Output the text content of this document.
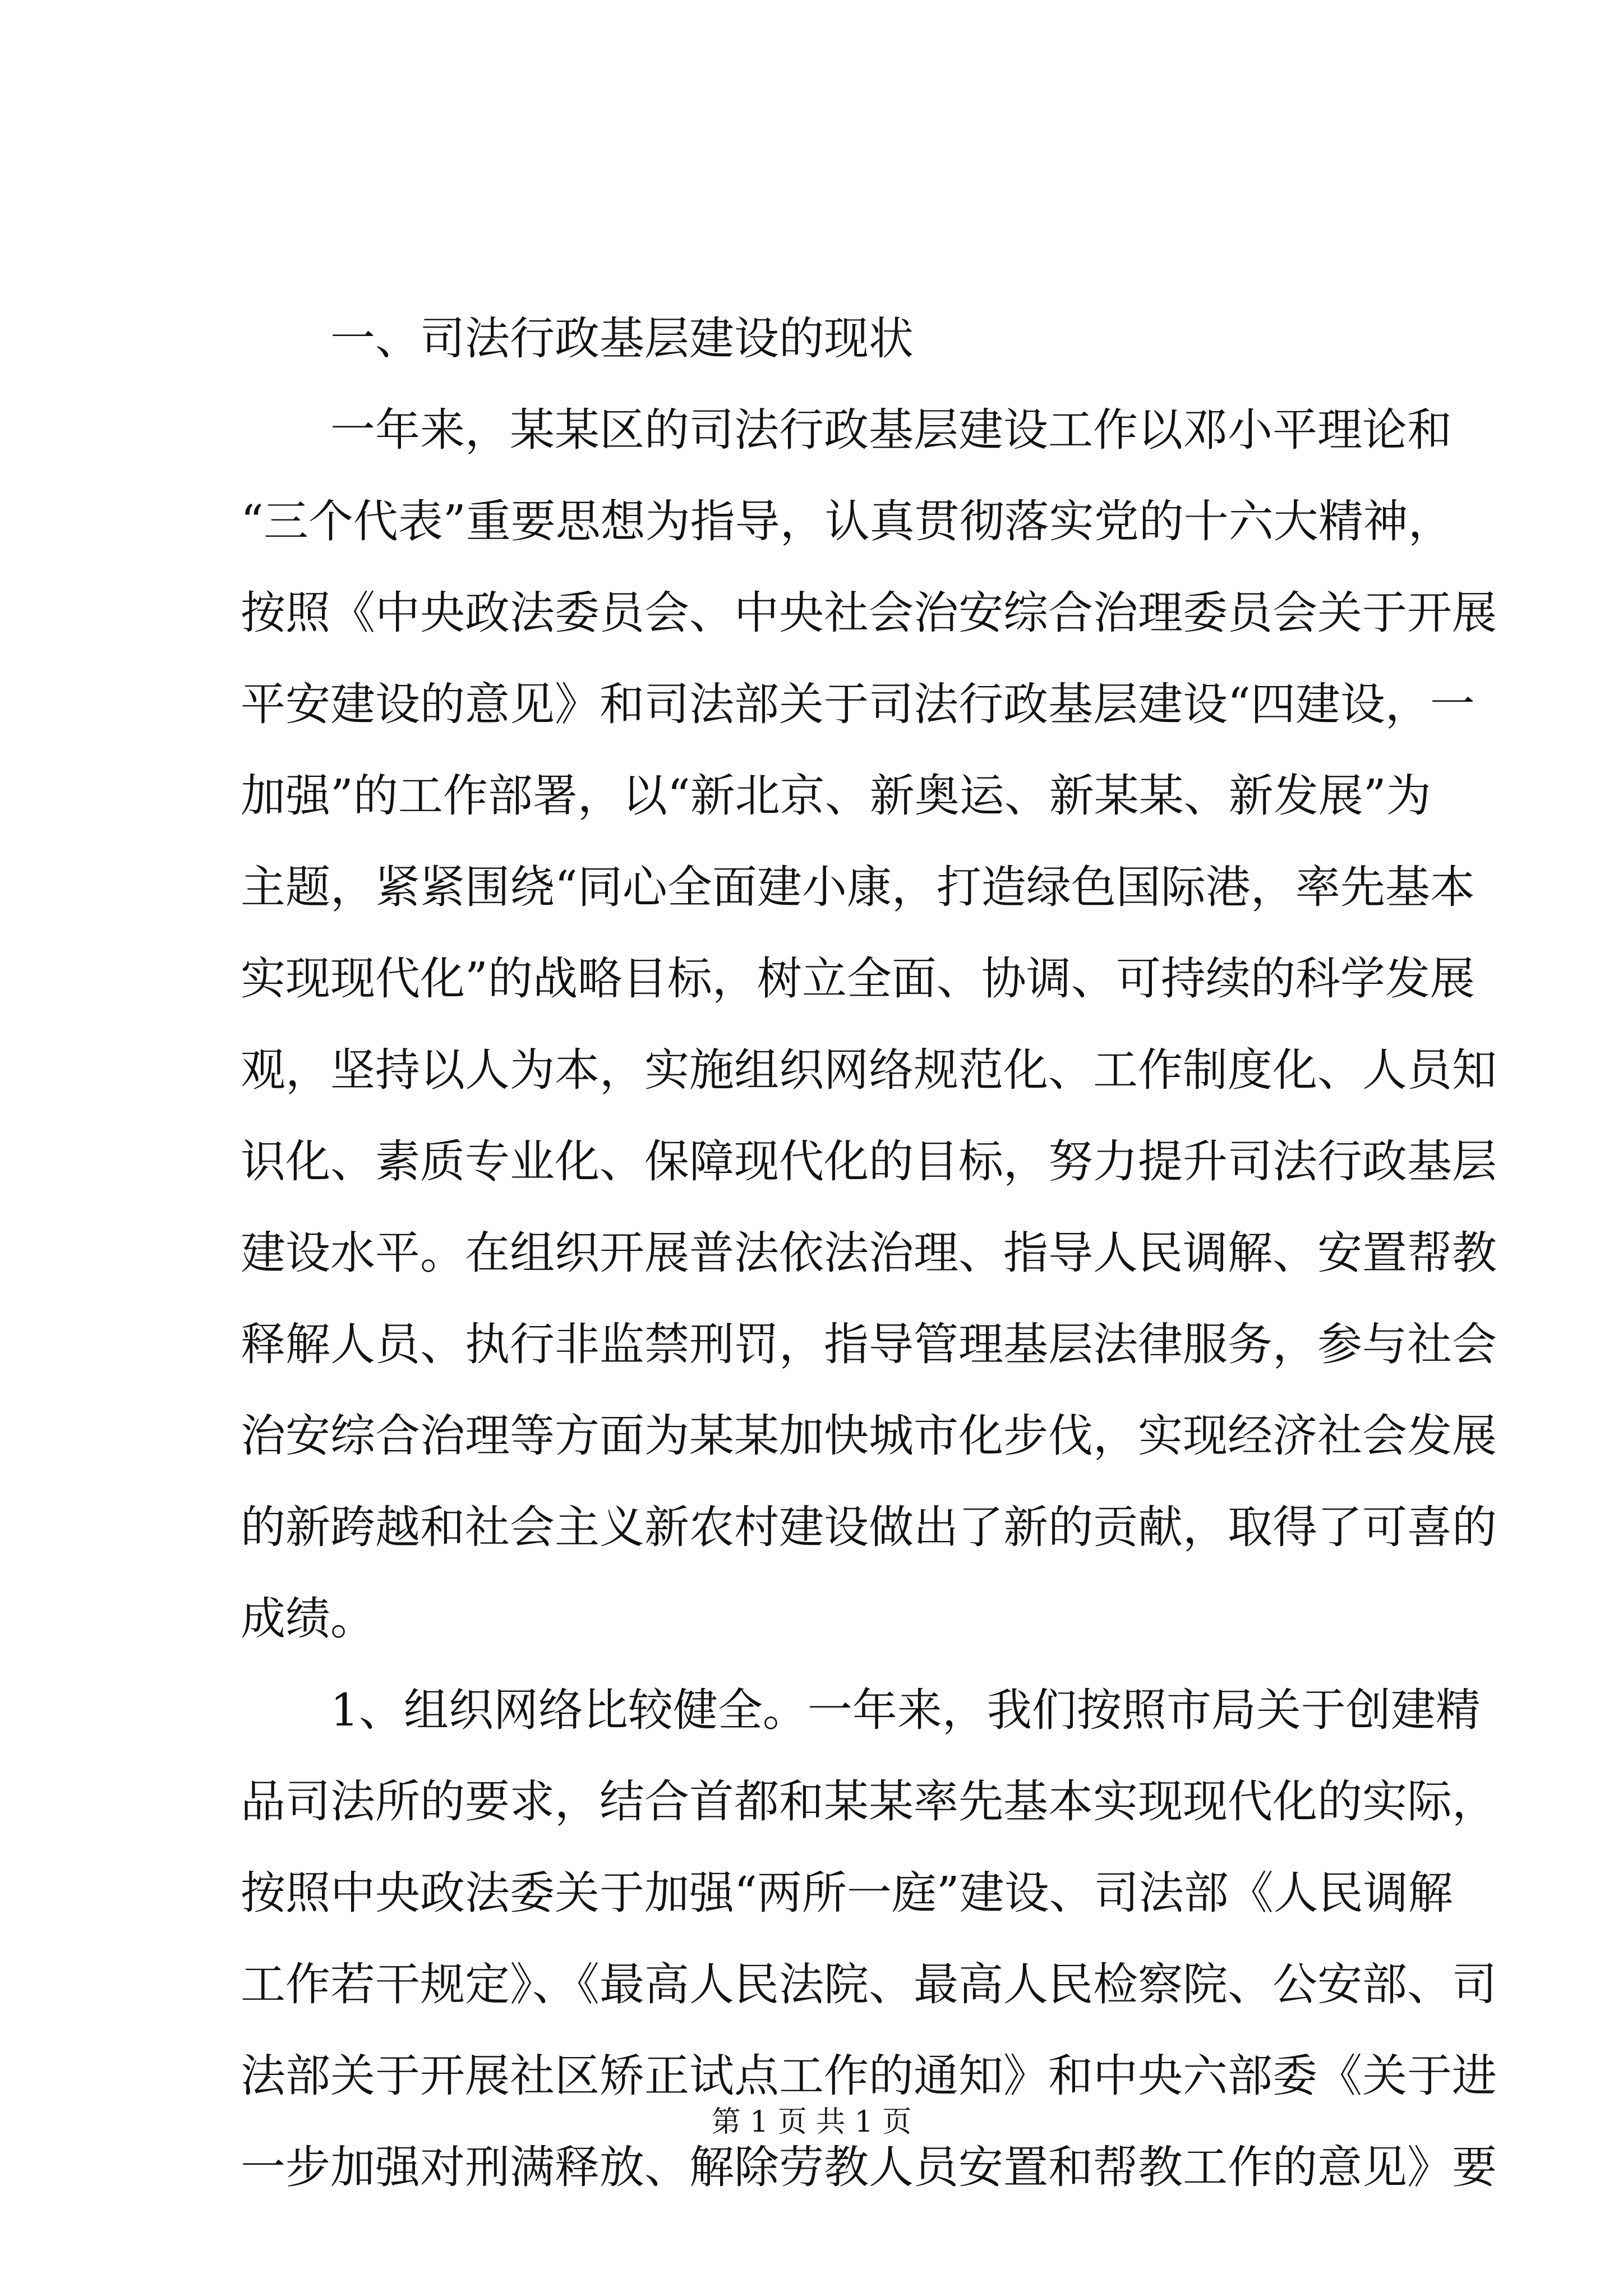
一、司法行政基层建设的现状
一年来，某某区的司法行政基层建设工作以邓小平理论和
“三个代表”重要思想为指导，认真贯彻落实党的十六大精神，
按照《中央政法委员会、中央社会治安综合治理委员会关于开展
平安建设的意见》和司法部关于司法行政基层建设“四建设，一
加强”的工作部署，以“新北京、新奥运、新某某、新发展”为
主题，紧紧围绕“同心全面建小康，打造绿色国际港，率先基本
实现现代化”的战略目标，树立全面、协调、可持续的科学发展
观，坚持以人为本，实施组织网络规范化、工作制度化、人员知
识化、素质专业化、保障现代化的目标，努力提升司法行政基层
建设水平。在组织开展普法依法治理、指导人民调解、安置帮教
释解人员、执行非监禁刑罚，指导管理基层法律服务，参与社会
治安综合治理等方面为某某加快城市化步伐，实现经济社会发展
的新跨越和社会主义新农村建设做出了新的贡献，取得了可喜的
成绩。
1、组织网络比较健全。一年来，我们按照市局关于创建精
品司法所的要求，结合首都和某某率先基本实现现代化的实际，
按照中央政法委关于加强“两所一庭”建设、司法部《人民调解
工作若干规定》、《最高人民法院、最高人民检察院、公安部、司
法部关于开展社区矫正试点工作的通知》和中央六部委《关于进
一步加强对刑满释放、解除劳教人员安置和帮教工作的意见》要
第 1 页 共 1 页
